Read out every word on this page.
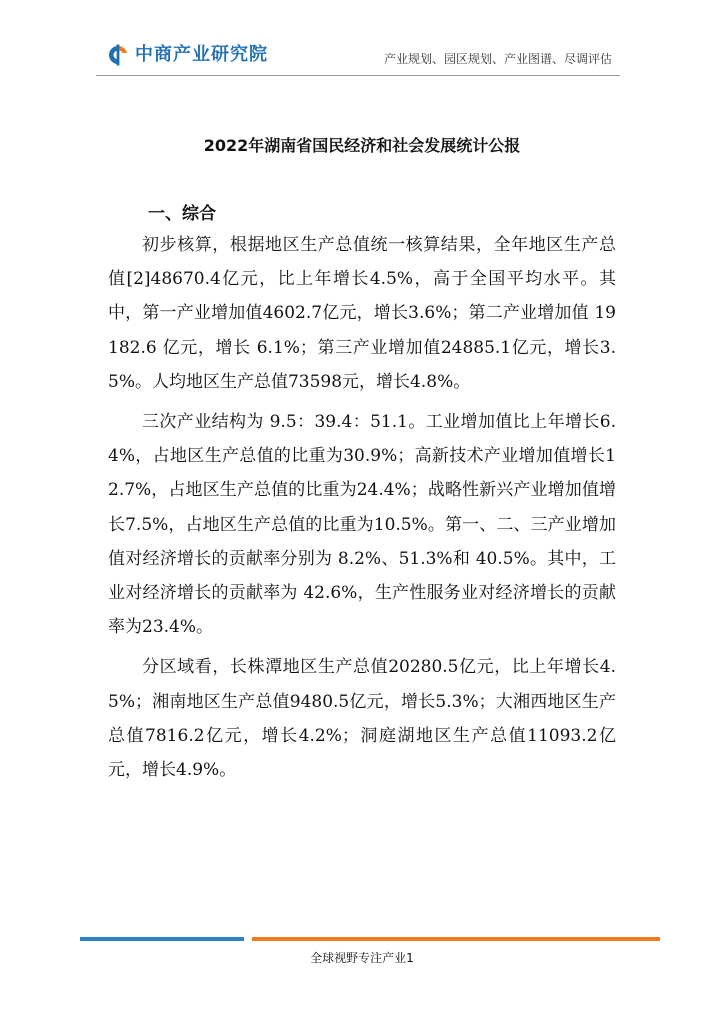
中商产业研究院	产业规划、园区规划、产业图谱、尽调评估
2022年湖南省国民经济和社会发展统计公报
一、综合

初步核算，根据地区生产总值统一核算结果，全年地区生产总值[2]48670.4亿元，比上年增长4.5%，高于全国平均水平。其中，第一产业增加值4602.7亿元，增长3.6%；第二产业增加值 19182.6 亿元，增长 6.1%；第三产业增加值24885.1亿元，增长3.5%。人均地区生产总值73598元，增长4.8%。

三次产业结构为 9.5：39.4：51.1。工业增加值比上年增长6.4%，占地区生产总值的比重为30.9%；高新技术产业增加值增长12.7%，占地区生产总值的比重为24.4%；战略性新兴产业增加值增长7.5%，占地区生产总值的比重为10.5%。第一、二、三产业增加值对经济增长的贡献率分别为 8.2%、51.3%和 40.5%。其中，工业对经济增长的贡献率为 42.6%，生产性服务业对经济增长的贡献率为23.4%。

分区域看，长株潭地区生产总值20280.5亿元，比上年增长4.5%；湘南地区生产总值9480.5亿元，增长5.3%；大湘西地区生产总值7816.2亿元，增长4.2%；洞庭湖地区生产总值11093.2亿元，增长4.9%。

全球视野专注产业1
